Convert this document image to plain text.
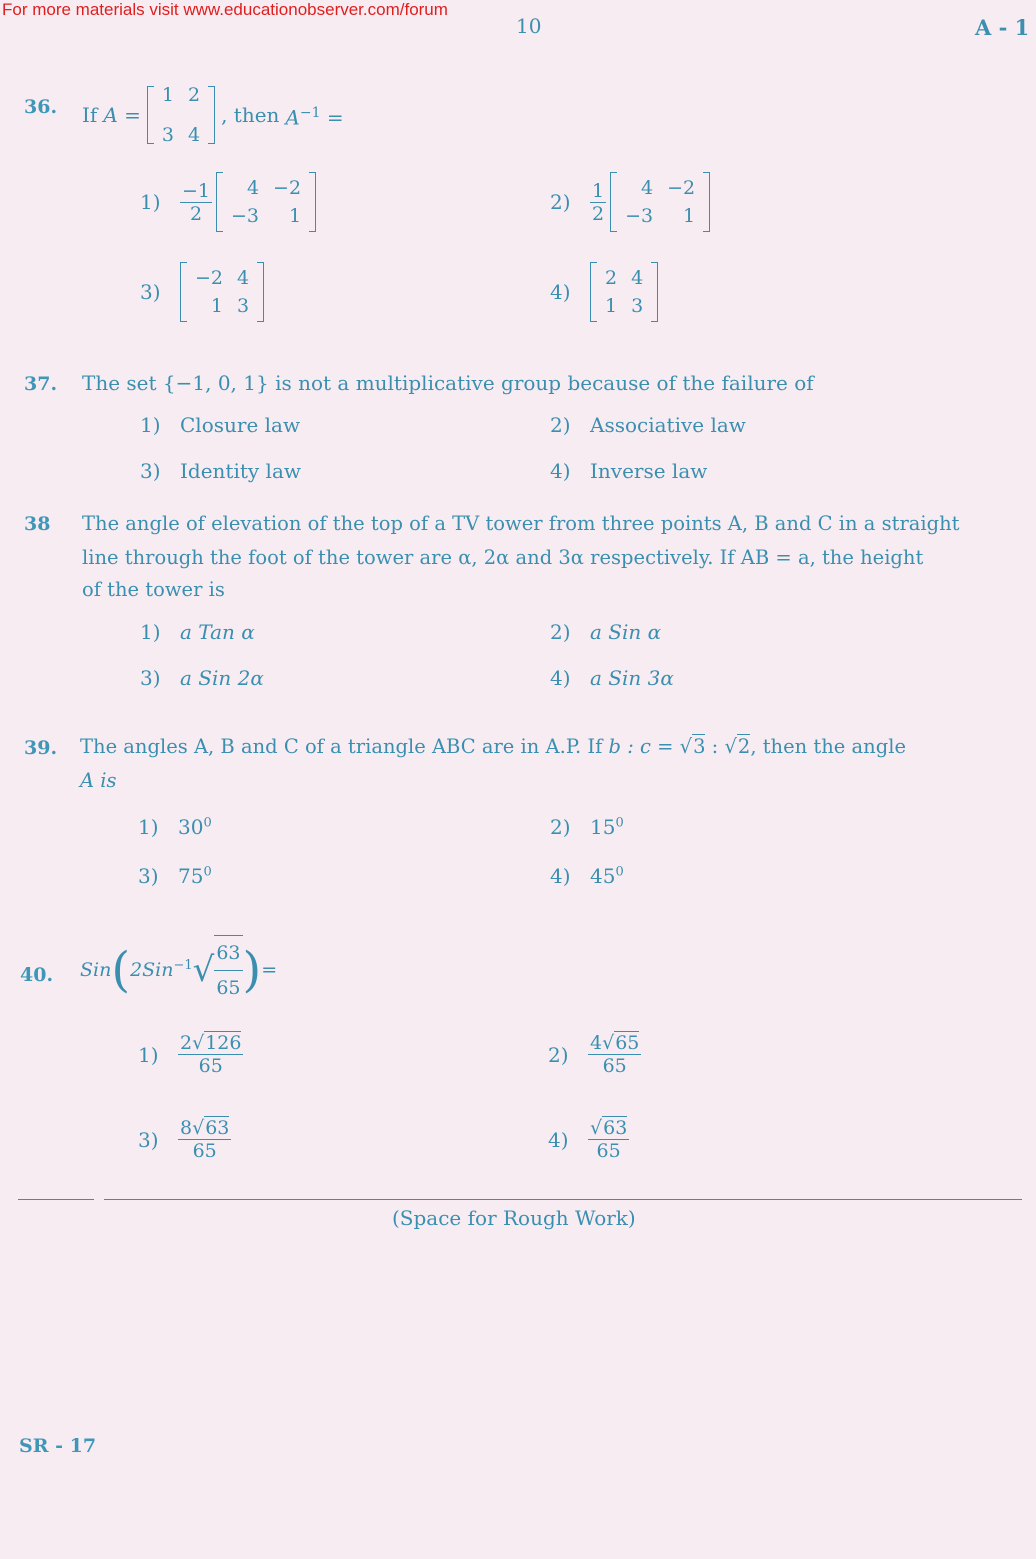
For more materials visit www.educationobserver.com/forum
10	A - 1
36. If A =
1 2
3 4
, then $A^{-1}$ =
1)	$\frac{-1}{2}$	4 −2
−3	1
2)	$\frac{1}{2}$	4 −2
−3	1
3)
−2 4
1 3
4)
2 4
1 3
37. The set {−1, 0, 1} is not a multiplicative group because of the failure of
1) Closure law	2) Associative law
3) Identity law	4) Inverse law
38 The angle of elevation of the top of a TV tower from three points A, B and C in a straight
line through the foot of the tower are α, 2α and 3α respectively. If AB = a, the height
of the tower is
1) a Tan α	2) a Sin α
3) a Sin 2α	4) a Sin 3α
39. The angles A, B and C of a triangle ABC are in A.P. If b : c = √3 : √2, then the angle
A is
1) $30^0$	2) $15^0$
3) $75^0$	4) $45^0$
40. Sin ( 2Sin$^{-1}$ √ $\frac{63}{65}$ ) =
1)	$\frac{2√126}{65}$	2)	$\frac{4√65}{65}$
3)	$\frac{8√63}{65}$	4)	$\frac{√63}{65}$
(Space for Rough Work)
SR - 17
